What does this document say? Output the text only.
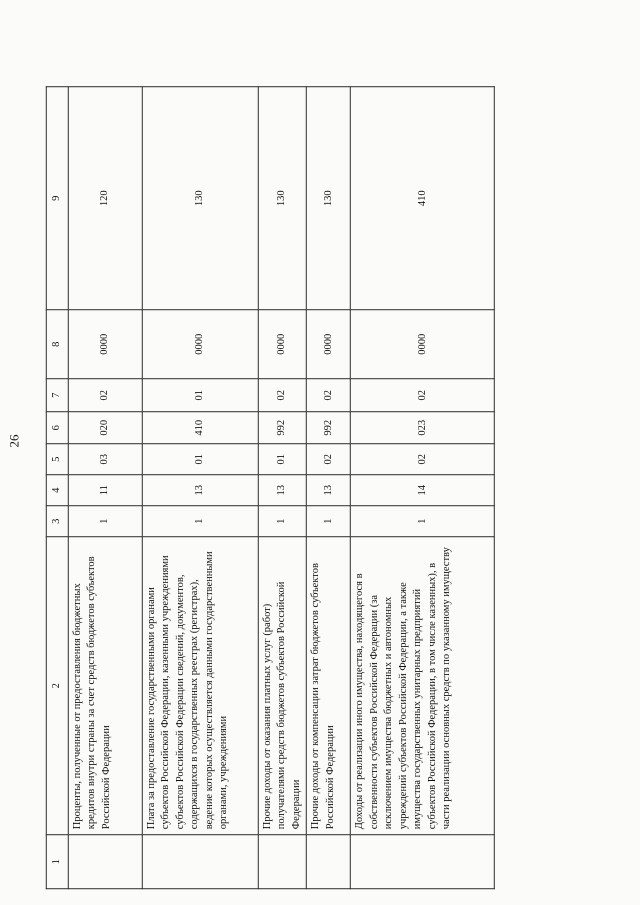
26
1	2	3	4	5	6	7	8	9
	Проценты, полученные от предоставления бюджетных кредитов внутри страны за счет средств бюджетов субъектов Российской Федерации	1	11	03	020	02	0000	120
	Плата за предоставление государственными органами субъектов Российской Федерации, казенными учреждениями субъектов Российской Федерации сведений, документов, содержащихся в государственных реестрах (регистрах), ведение которых осуществляется данными государственными органами, учреждениями	1	13	01	410	01	0000	130
	Прочие доходы от оказания платных услуг (работ) получателями средств бюджетов субъектов Российской Федерации	1	13	01	992	02	0000	130
	Прочие доходы от компенсации затрат бюджетов субъектов Российской Федерации	1	13	02	992	02	0000	130
	Доходы от реализации иного имущества, находящегося в собственности субъектов Российской Федерации (за исключением имущества бюджетных и автономных учреждений субъектов Российской Федерации, а также имущества государственных унитарных предприятий субъектов Российской Федерации, в том числе казенных), в части реализации основных средств по указанному имуществу	1	14	02	023	02	0000	410
